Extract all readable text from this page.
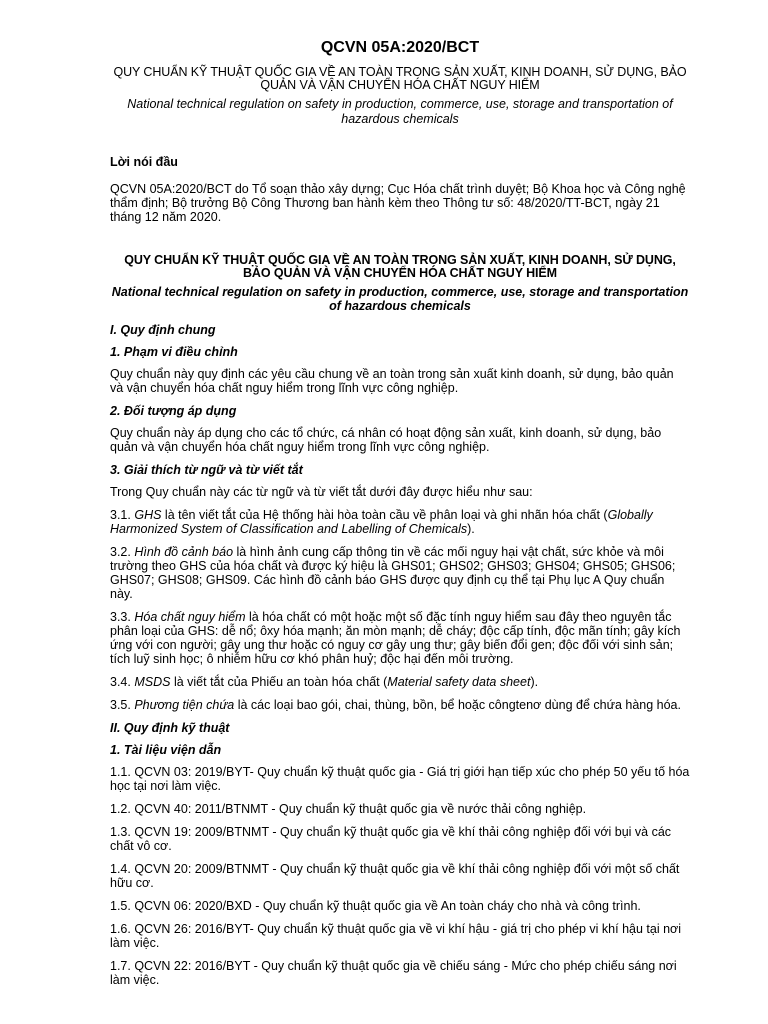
QCVN 05A:2020/BCT
QUY CHUẨN KỸ THUẬT QUỐC GIA VỀ AN TOÀN TRONG SẢN XUẤT, KINH DOANH, SỬ DỤNG, BẢO QUẢN VÀ VẬN CHUYỂN HÓA CHẤT NGUY HIỂM
National technical regulation on safety in production, commerce, use, storage and transportation of hazardous chemicals
Lời nói đầu

QCVN 05A:2020/BCT do Tổ soạn thảo xây dựng; Cục Hóa chất trình duyệt; Bộ Khoa học và Công nghệ thẩm định; Bộ trưởng Bộ Công Thương ban hành kèm theo Thông tư số: 48/2020/TT-BCT, ngày 21 tháng 12 năm 2020.

QUY CHUẨN KỸ THUẬT QUỐC GIA VỀ AN TOÀN TRONG SẢN XUẤT, KINH DOANH, SỬ DỤNG, BẢO QUẢN VÀ VẬN CHUYỂN HÓA CHẤT NGUY HIỂM
National technical regulation on safety in production, commerce, use, storage and transportation of hazardous chemicals
I. Quy định chung
1. Phạm vi điều chỉnh

Quy chuẩn này quy định các yêu cầu chung về an toàn trong sản xuất kinh doanh, sử dụng, bảo quản và vận chuyển hóa chất nguy hiểm trong lĩnh vực công nghiệp.

2. Đối tượng áp dụng

Quy chuẩn này áp dụng cho các tổ chức, cá nhân có hoạt động sản xuất, kinh doanh, sử dụng, bảo quản và vận chuyển hóa chất nguy hiểm trong lĩnh vực công nghiệp.

3. Giải thích từ ngữ và từ viết tắt

Trong Quy chuẩn này các từ ngữ và từ viết tắt dưới đây được hiểu như sau:

3.1. GHS là tên viết tắt của Hệ thống hài hòa toàn cầu về phân loại và ghi nhãn hóa chất (Globally Harmonized System of Classification and Labelling of Chemicals).

3.2. Hình đồ cảnh báo là hình ảnh cung cấp thông tin về các mối nguy hại vật chất, sức khỏe và môi trường theo GHS của hóa chất và được ký hiệu là GHS01; GHS02; GHS03; GHS04; GHS05; GHS06; GHS07; GHS08; GHS09. Các hình đồ cảnh báo GHS được quy định cụ thể tại Phụ lục A Quy chuẩn này.

3.3. Hóa chất nguy hiểm là hóa chất có một hoặc một số đặc tính nguy hiểm sau đây theo nguyên tắc phân loại của GHS: dễ nổ; ôxy hóa mạnh; ăn mòn mạnh; dễ cháy; độc cấp tính, độc mãn tính; gây kích ứng với con người; gây ung thư hoặc có nguy cơ gây ung thư; gây biến đổi gen; độc đối với sinh sản; tích luỹ sinh học; ô nhiễm hữu cơ khó phân huỷ; độc hại đến môi trường.

3.4. MSDS là viết tắt của Phiếu an toàn hóa chất (Material safety data sheet).

3.5. Phương tiện chứa là các loại bao gói, chai, thùng, bồn, bể hoặc côngtenơ dùng để chứa hàng hóa.

II. Quy định kỹ thuật
1. Tài liệu viện dẫn

1.1. QCVN 03: 2019/BYT- Quy chuẩn kỹ thuật quốc gia - Giá trị giới hạn tiếp xúc cho phép 50 yếu tố hóa học tại nơi làm việc.

1.2. QCVN 40: 2011/BTNMT - Quy chuẩn kỹ thuật quốc gia về nước thải công nghiệp.

1.3. QCVN 19: 2009/BTNMT - Quy chuẩn kỹ thuật quốc gia về khí thải công nghiệp đối với bụi và các chất vô cơ.

1.4. QCVN 20: 2009/BTNMT - Quy chuẩn kỹ thuật quốc gia về khí thải công nghiệp đối với một số chất hữu cơ.

1.5. QCVN 06: 2020/BXD - Quy chuẩn kỹ thuật quốc gia về An toàn cháy cho nhà và công trình.

1.6. QCVN 26: 2016/BYT- Quy chuẩn kỹ thuật quốc gia về vi khí hậu - giá trị cho phép vi khí hậu tại nơi làm việc.

1.7. QCVN 22: 2016/BYT - Quy chuẩn kỹ thuật quốc gia về chiếu sáng - Mức cho phép chiếu sáng nơi làm việc.
